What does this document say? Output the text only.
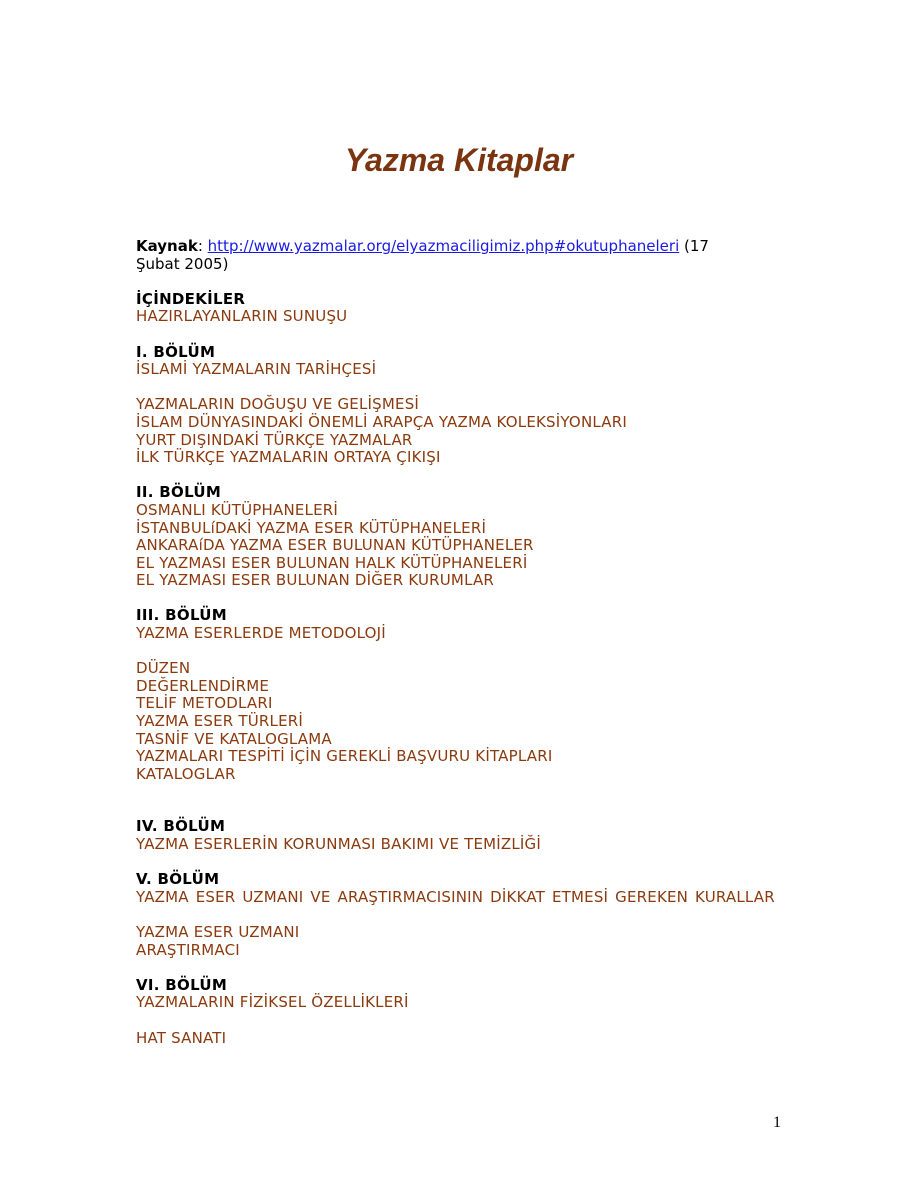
Yazma Kitaplar

Kaynak: http://www.yazmalar.org/elyazmaciligimiz.php#okutuphaneleri (17
Şubat 2005)

İÇİNDEKİLER

HAZIRLAYANLARIN SUNUŞU

I. BÖLÜM

İSLAMİ YAZMALARIN TARİHÇESİ

YAZMALARIN DOĞUŞU VE GELİŞMESİ

İSLAM DÜNYASINDAKİ ÖNEMLİ ARAPÇA YAZMA KOLEKSİYONLARI

YURT DIŞINDAKİ TÜRKÇE YAZMALAR

İLK TÜRKÇE YAZMALARIN ORTAYA ÇIKIŞI

II. BÖLÜM

OSMANLI KÜTÜPHANELERİ

İSTANBULíDAKİ YAZMA ESER KÜTÜPHANELERİ

ANKARAíDA YAZMA ESER BULUNAN KÜTÜPHANELER

EL YAZMASI ESER BULUNAN HALK KÜTÜPHANELERİ

EL YAZMASI ESER BULUNAN DİĞER KURUMLAR

III. BÖLÜM

YAZMA ESERLERDE METODOLOJİ

DÜZEN

DEĞERLENDİRME

TELİF METODLARI

YAZMA ESER TÜRLERİ

TASNİF VE KATALOGLAMA

YAZMALARI TESPİTİ İÇİN GEREKLİ BAŞVURU KİTAPLARI

KATALOGLAR

IV. BÖLÜM

YAZMA ESERLERİN KORUNMASI BAKIMI VE TEMİZLİĞİ

V. BÖLÜM

YAZMA ESER UZMANI VE ARAŞTIRMACISININ DİKKAT ETMESİ GEREKEN KURALLAR

YAZMA ESER UZMANI

ARAŞTIRMACI

VI. BÖLÜM

YAZMALARIN FİZİKSEL ÖZELLİKLERİ

HAT SANATI

1
